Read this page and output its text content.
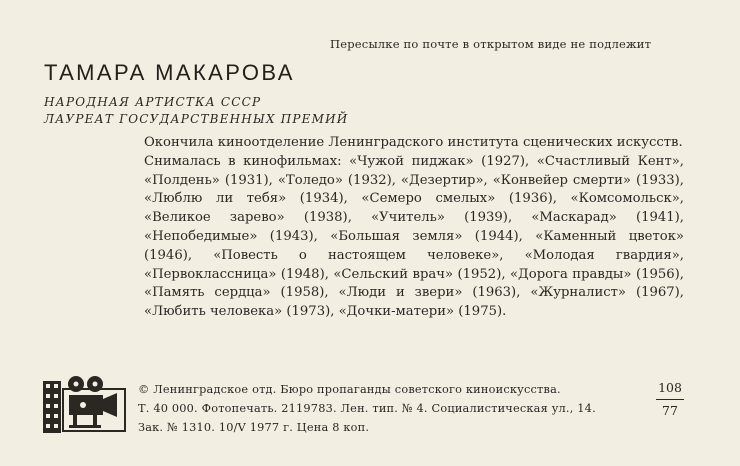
Пересылке по почте в открытом виде не подлежит
ТАМАРА МАКАРОВА
НАРОДНАЯ АРТИСТКА СССР
ЛАУРЕАТ ГОСУДАРСТВЕННЫХ ПРЕМИЙ

Окончила киноотделение Ленинградского института сценических искусств.

Снималась в кинофильмах: «Чужой пиджак» (1927), «Счастливый Кент», «Полдень» (1931), «Толедо» (1932), «Дезертир», «Конвейер смерти» (1933), «Люблю ли тебя» (1934), «Семеро смелых» (1936), «Комсомольск», «Великое зарево» (1938), «Учитель» (1939), «Маскарад» (1941), «Непобедимые» (1943), «Большая земля» (1944), «Каменный цветок» (1946), «Повесть о настоящем человеке», «Молодая гвардия», «Первоклассница» (1948), «Сельский врач» (1952), «Дорога правды» (1956), «Память сердца» (1958), «Люди и звери» (1963), «Журналист» (1967), «Любить человека» (1973), «Дочки-матери» (1975).

© Ленинградское отд. Бюро пропаганды советского киноискусства.
Т. 40 000. Фотопечать. 2119783. Лен. тип. № 4. Социалистическая ул., 14.
Зак. № 1310. 10/V 1977 г. Цена 8 коп.
108
77
